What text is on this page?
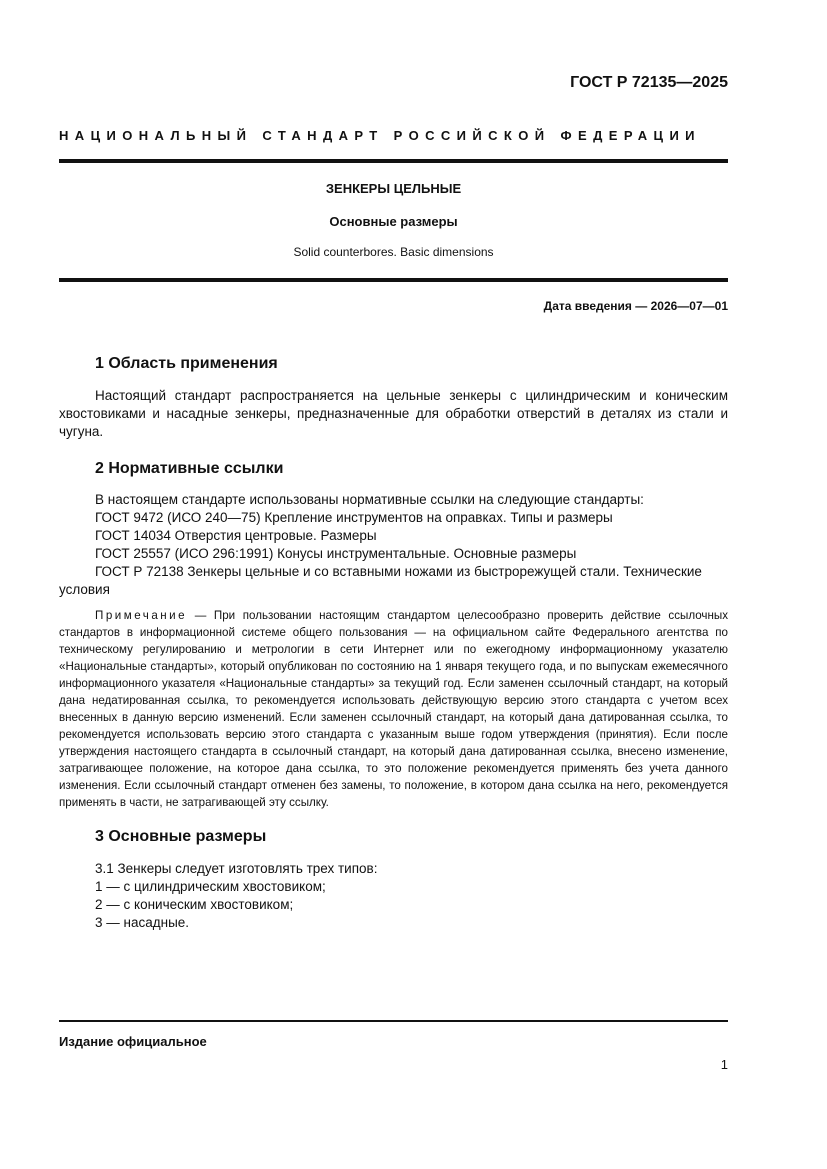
ГОСТ Р 72135—2025
НАЦИОНАЛЬНЫЙ СТАНДАРТ РОССИЙСКОЙ ФЕДЕРАЦИИ
ЗЕНКЕРЫ ЦЕЛЬНЫЕ
Основные размеры
Solid counterbores. Basic dimensions
Дата введения — 2026—07—01
1 Область применения
Настоящий стандарт распространяется на цельные зенкеры с цилиндрическим и коническим хвостовиками и насадные зенкеры, предназначенные для обработки отверстий в деталях из стали и чугуна.
2 Нормативные ссылки
В настоящем стандарте использованы нормативные ссылки на следующие стандарты:
ГОСТ 9472 (ИСО 240—75) Крепление инструментов на оправках. Типы и размеры
ГОСТ 14034 Отверстия центровые. Размеры
ГОСТ 25557 (ИСО 296:1991) Конусы инструментальные. Основные размеры
ГОСТ Р 72138 Зенкеры цельные и со вставными ножами из быстрорежущей стали. Технические
условия
Примечание — При пользовании настоящим стандартом целесообразно проверить действие ссылочных стандартов в информационной системе общего пользования — на официальном сайте Федерального агентства по техническому регулированию и метрологии в сети Интернет или по ежегодному информационному указателю «Национальные стандарты», который опубликован по состоянию на 1 января текущего года, и по выпускам ежемесячного информационного указателя «Национальные стандарты» за текущий год. Если заменен ссылочный стандарт, на который дана недатированная ссылка, то рекомендуется использовать действующую версию этого стандарта с учетом всех внесенных в данную версию изменений. Если заменен ссылочный стандарт, на который дана датированная ссылка, то рекомендуется использовать версию этого стандарта с указанным выше годом утверждения (принятия). Если после утверждения настоящего стандарта в ссылочный стандарт, на который дана датированная ссылка, внесено изменение, затрагивающее положение, на которое дана ссылка, то это положение рекомендуется применять без учета данного изменения. Если ссылочный стандарт отменен без замены, то положение, в котором дана ссылка на него, рекомендуется применять в части, не затрагивающей эту ссылку.
3 Основные размеры
3.1 Зенкеры следует изготовлять трех типов:
1 — с цилиндрическим хвостовиком;
2 — с коническим хвостовиком;
3 — насадные.
Издание официальное
1
